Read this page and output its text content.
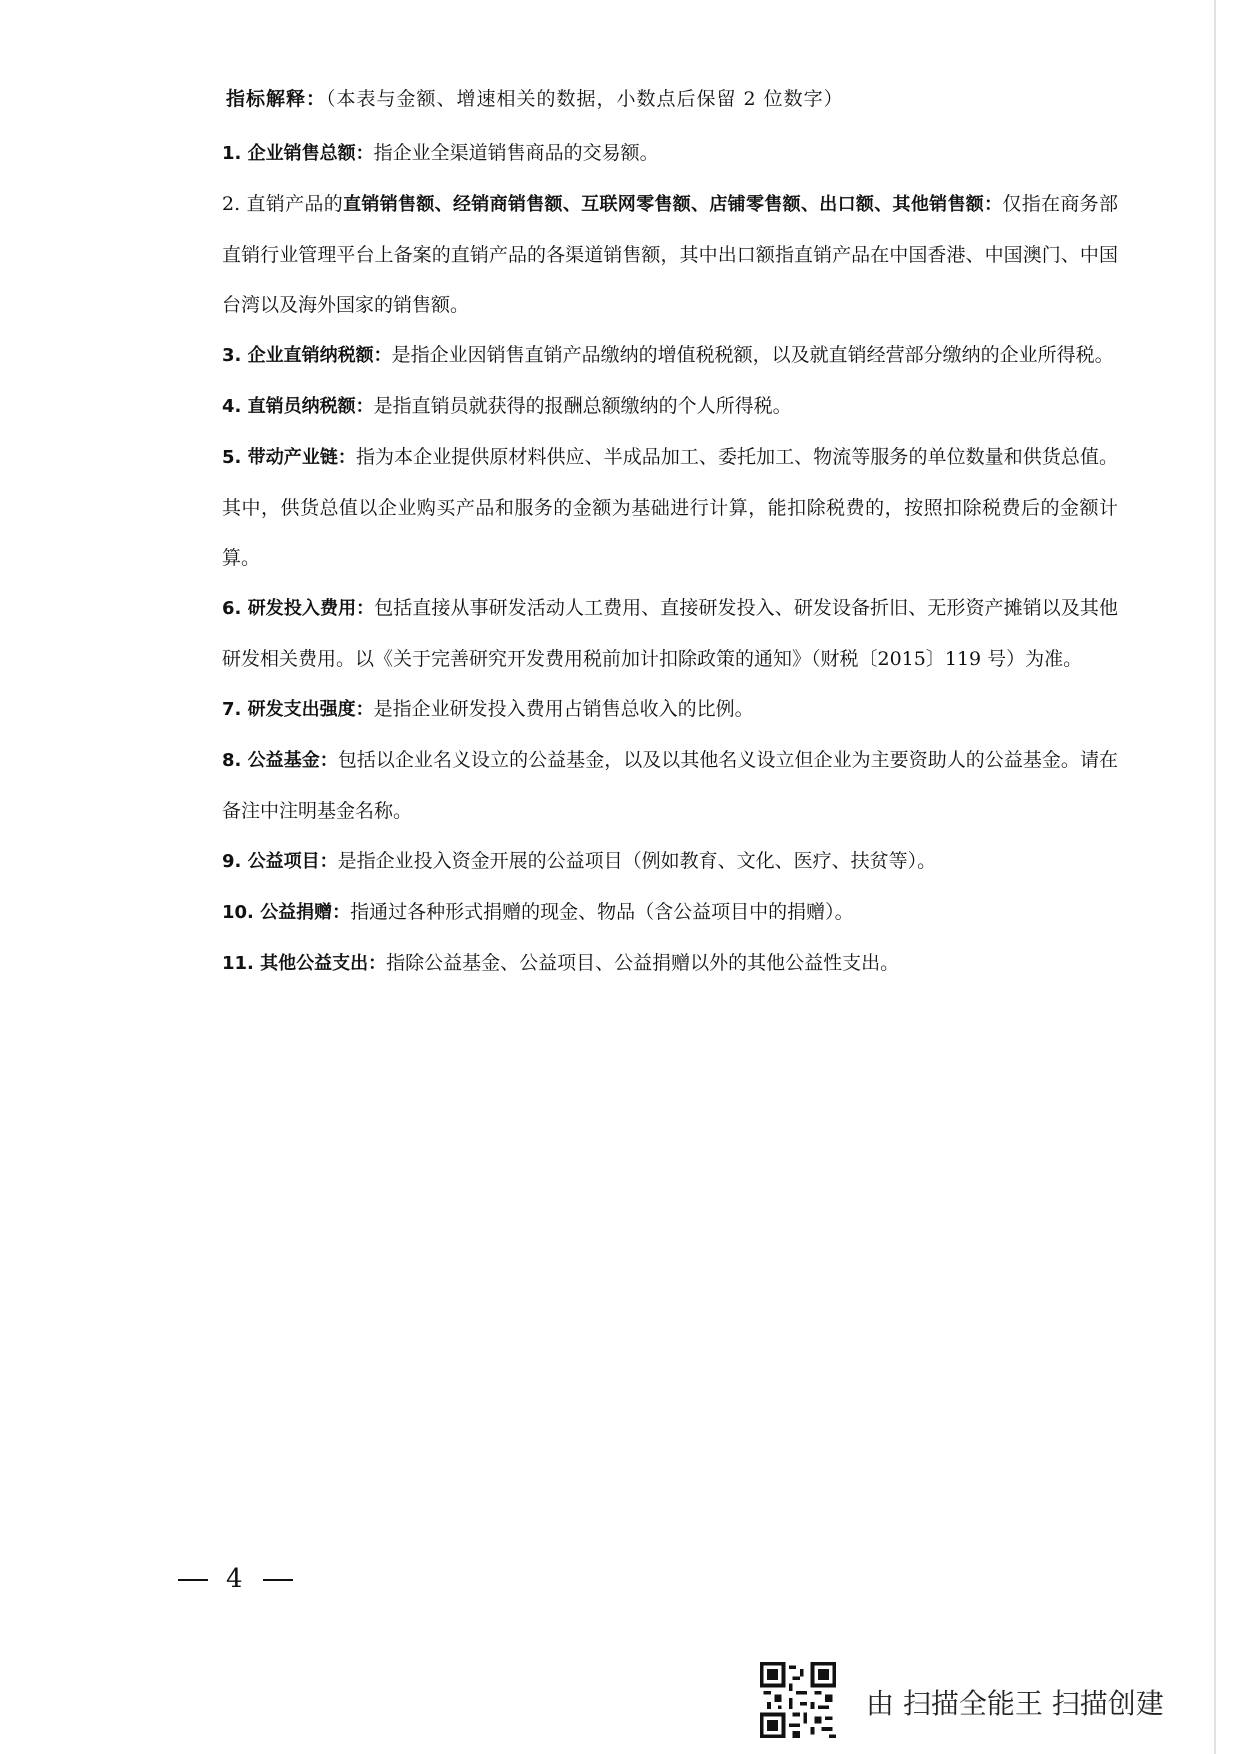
指标解释：（本表与金额、增速相关的数据，小数点后保留 2 位数字）

1. 企业销售总额：指企业全渠道销售商品的交易额。

2. 直销产品的直销销售额、经销商销售额、互联网零售额、店铺零售额、出口额、其他销售额：仅指在商务部直销行业管理平台上备案的直销产品的各渠道销售额，其中出口额指直销产品在中国香港、中国澳门、中国台湾以及海外国家的销售额。

3. 企业直销纳税额：是指企业因销售直销产品缴纳的增值税税额，以及就直销经营部分缴纳的企业所得税。

4. 直销员纳税额：是指直销员就获得的报酬总额缴纳的个人所得税。

5. 带动产业链：指为本企业提供原材料供应、半成品加工、委托加工、物流等服务的单位数量和供货总值。其中，供货总值以企业购买产品和服务的金额为基础进行计算，能扣除税费的，按照扣除税费后的金额计算。

6. 研发投入费用：包括直接从事研发活动人工费用、直接研发投入、研发设备折旧、无形资产摊销以及其他研发相关费用。以《关于完善研究开发费用税前加计扣除政策的通知》（财税〔2015〕119 号）为准。

7. 研发支出强度：是指企业研发投入费用占销售总收入的比例。

8. 公益基金：包括以企业名义设立的公益基金，以及以其他名义设立但企业为主要资助人的公益基金。请在备注中注明基金名称。

9. 公益项目：是指企业投入资金开展的公益项目（例如教育、文化、医疗、扶贫等）。

10. 公益捐赠：指通过各种形式捐赠的现金、物品（含公益项目中的捐赠）。

11. 其他公益支出：指除公益基金、公益项目、公益捐赠以外的其他公益性支出。

4
由 扫描全能王 扫描创建
